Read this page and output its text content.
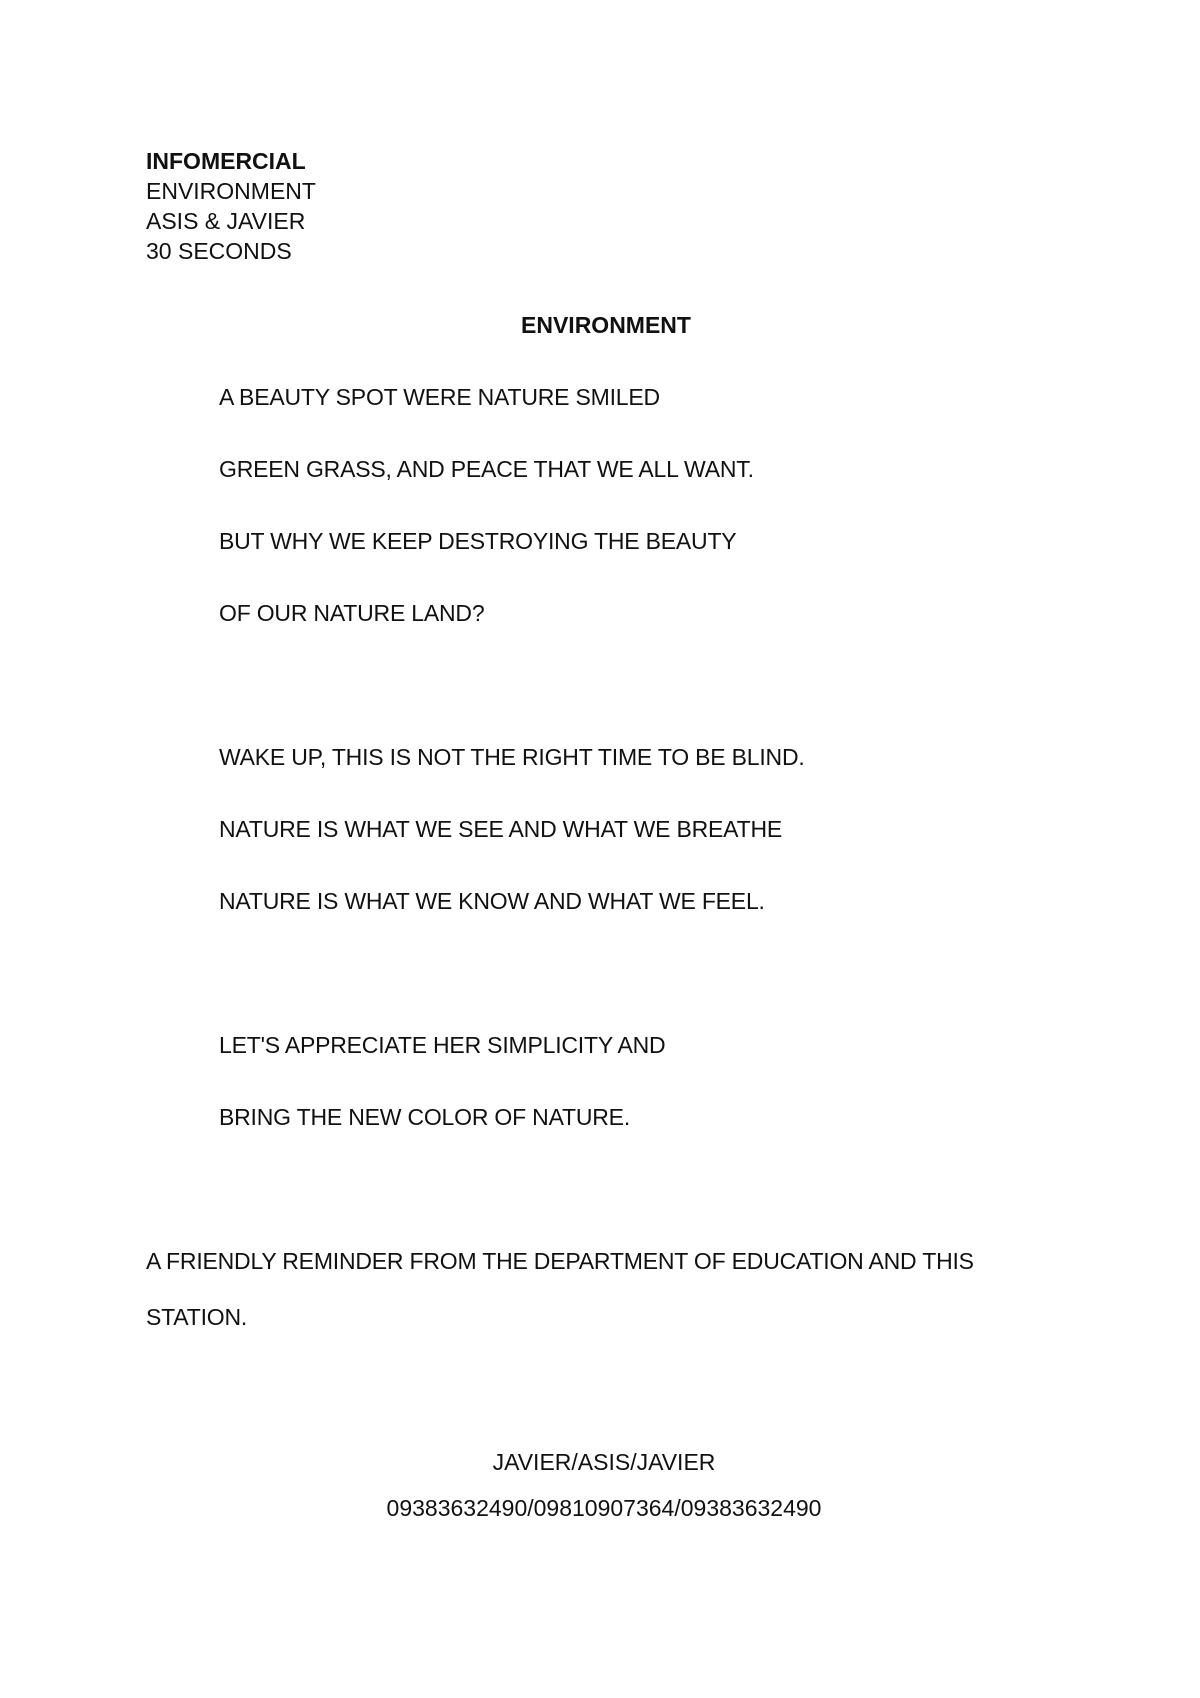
INFOMERCIAL
ENVIRONMENT
ASIS & JAVIER
30 SECONDS
ENVIRONMENT
A BEAUTY SPOT WERE NATURE SMILED
GREEN GRASS, AND PEACE THAT WE ALL WANT.
BUT WHY WE KEEP DESTROYING THE BEAUTY
OF OUR NATURE LAND?
WAKE UP, THIS IS NOT THE RIGHT TIME TO BE BLIND.
NATURE IS WHAT WE SEE AND WHAT WE BREATHE
NATURE IS WHAT WE KNOW AND WHAT WE FEEL.
LET'S APPRECIATE HER SIMPLICITY AND
BRING THE NEW COLOR OF NATURE.
A FRIENDLY REMINDER FROM THE DEPARTMENT OF EDUCATION AND THIS
STATION.
JAVIER/ASIS/JAVIER
09383632490/09810907364/09383632490
